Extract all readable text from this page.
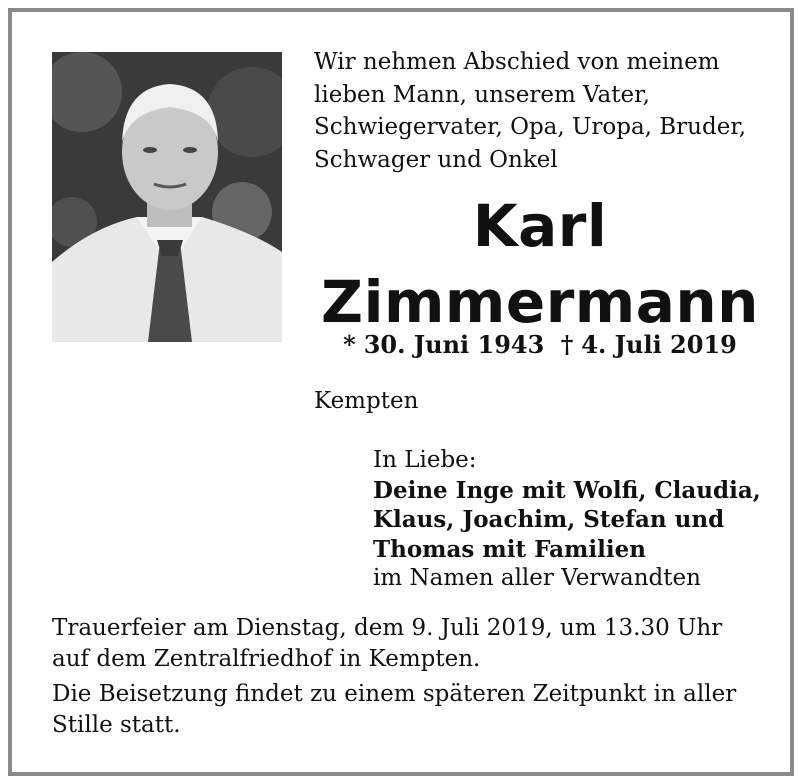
Wir nehmen Abschied von meinem
lieben Mann, unserem Vater,
Schwiegervater, Opa, Uropa, Bruder,
Schwager und Onkel
Karl
Zimmermann
* 30. Juni 1943 † 4. Juli 2019
Kempten
In Liebe:
Deine Inge mit Wolfi, Claudia,
Klaus, Joachim, Stefan und
Thomas mit Familien
im Namen aller Verwandten
Trauerfeier am Dienstag, dem 9. Juli 2019, um 13.30 Uhr
auf dem Zentralfriedhof in Kempten.
Die Beisetzung findet zu einem späteren Zeitpunkt in aller
Stille statt.
